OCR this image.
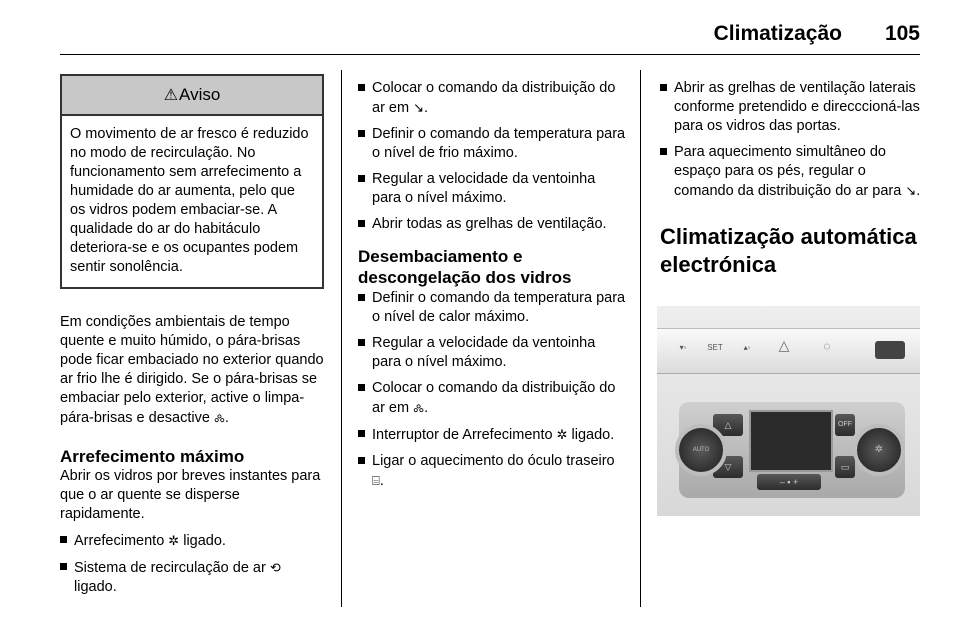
Climatização 105
⚠ Aviso
O movimento de ar fresco é reduzido no modo de recirculação. No funcionamento sem arrefecimento a humidade do ar aumenta, pelo que os vidros podem embaciar-se. A qualidade do ar do habitáculo deteriora-se e os ocupantes podem sentir sonolência.

Em condições ambientais de tempo quente e muito húmido, o pára-brisas pode ficar embaciado no exterior quando ar frio lhe é dirigido. Se o pára-brisas se embaciar pelo exterior, active o limpa-pára-brisas e desactive 🝆.

Arrefecimento máximo

Abrir os vidros por breves instantes para que o ar quente se disperse rapidamente.

Arrefecimento ✲ ligado.
Sistema de recirculação de ar ⟲ ligado.
Colocar o comando da distribuição do ar em ↘.
Definir o comando da temperatura para o nível de frio máximo.
Regular a velocidade da ventoinha para o nível máximo.
Abrir todas as grelhas de ventilação.
Desembaciamento e descongelação dos vidros
Definir o comando da temperatura para o nível de calor máximo.
Regular a velocidade da ventoinha para o nível máximo.
Colocar o comando da distribuição do ar em 🝆.
Interruptor de Arrefecimento ✲ ligado.
Ligar o aquecimento do óculo traseiro ⌸.
Abrir as grelhas de ventilação laterais conforme pretendido e direcccioná-las para os vidros das portas.
Para aquecimento simultâneo do espaço para os pés, regular o comando da distribuição do ar para ↘.
Climatização automática electrónica
▾◦	SET	▴◦	△	◌
△
▽
OFF
▭
– ▪ +
AUTO	✲
